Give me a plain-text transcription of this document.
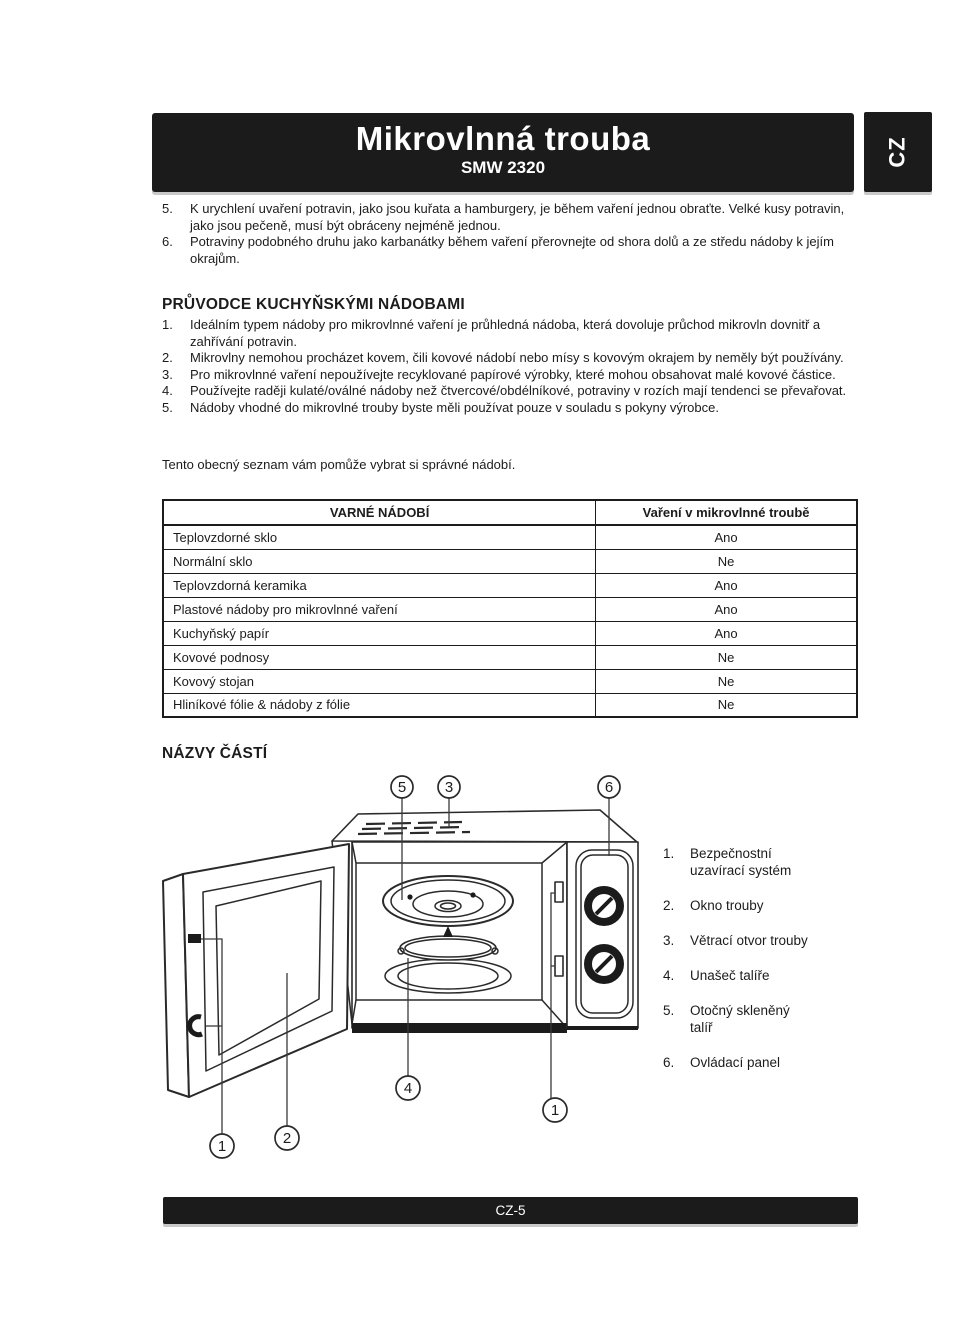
Mikrovlnná trouba
SMW 2320	CZ
5.	K urychlení uvaření potravin, jako jsou kuřata a hamburgery, je během vaření jednou obraťte. Velké kusy potravin, jako jsou pečeně, musí být obráceny nejméně jednou.
6.	Potraviny podobného druhu jako karbanátky během vaření přerovnejte od shora dolů a ze středu nádoby k jejím okrajům.
PRŮVODCE KUCHYŇSKÝMI NÁDOBAMI
1.	Ideálním typem nádoby pro mikrovlnné vaření je průhledná nádoba, která dovoluje průchod mikrovln dovnitř a zahřívání potravin.
2.	Mikrovlny nemohou procházet kovem, čili kovové nádobí nebo mísy s kovovým okrajem by neměly být používány.
3.	Pro mikrovlnné vaření nepoužívejte recyklované papírové výrobky, které mohou obsahovat malé kovové částice.
4.	Používejte raději kulaté/oválné nádoby než čtvercové/obdélníkové, potraviny v rozích mají tendenci se převařovat.
5.	Nádoby vhodné do mikrovlné trouby byste měli používat pouze v souladu s pokyny výrobce.
Tento obecný seznam vám pomůže vybrat si správné nádobí.
VARNÉ NÁDOBÍ	Vaření v mikrovlnné troubě
Teplovzdorné sklo	Ano
Normální sklo	Ne
Teplovzdorná keramika	Ano
Plastové nádoby pro mikrovlnné vaření	Ano
Kuchyňský papír	Ano
Kovové podnosy	Ne
Kovový stojan	Ne
Hliníkové fólie & nádoby z fólie	Ne
NÁZVY ČÁSTÍ
5	3	6
4
1
1	2
1.	Bezpečnostní
uzavírací systém
2.	Okno trouby
3.	Větrací otvor trouby
4.	Unašeč talíře
5.	Otočný skleněný
talíř
6.	Ovládací panel
CZ-5
